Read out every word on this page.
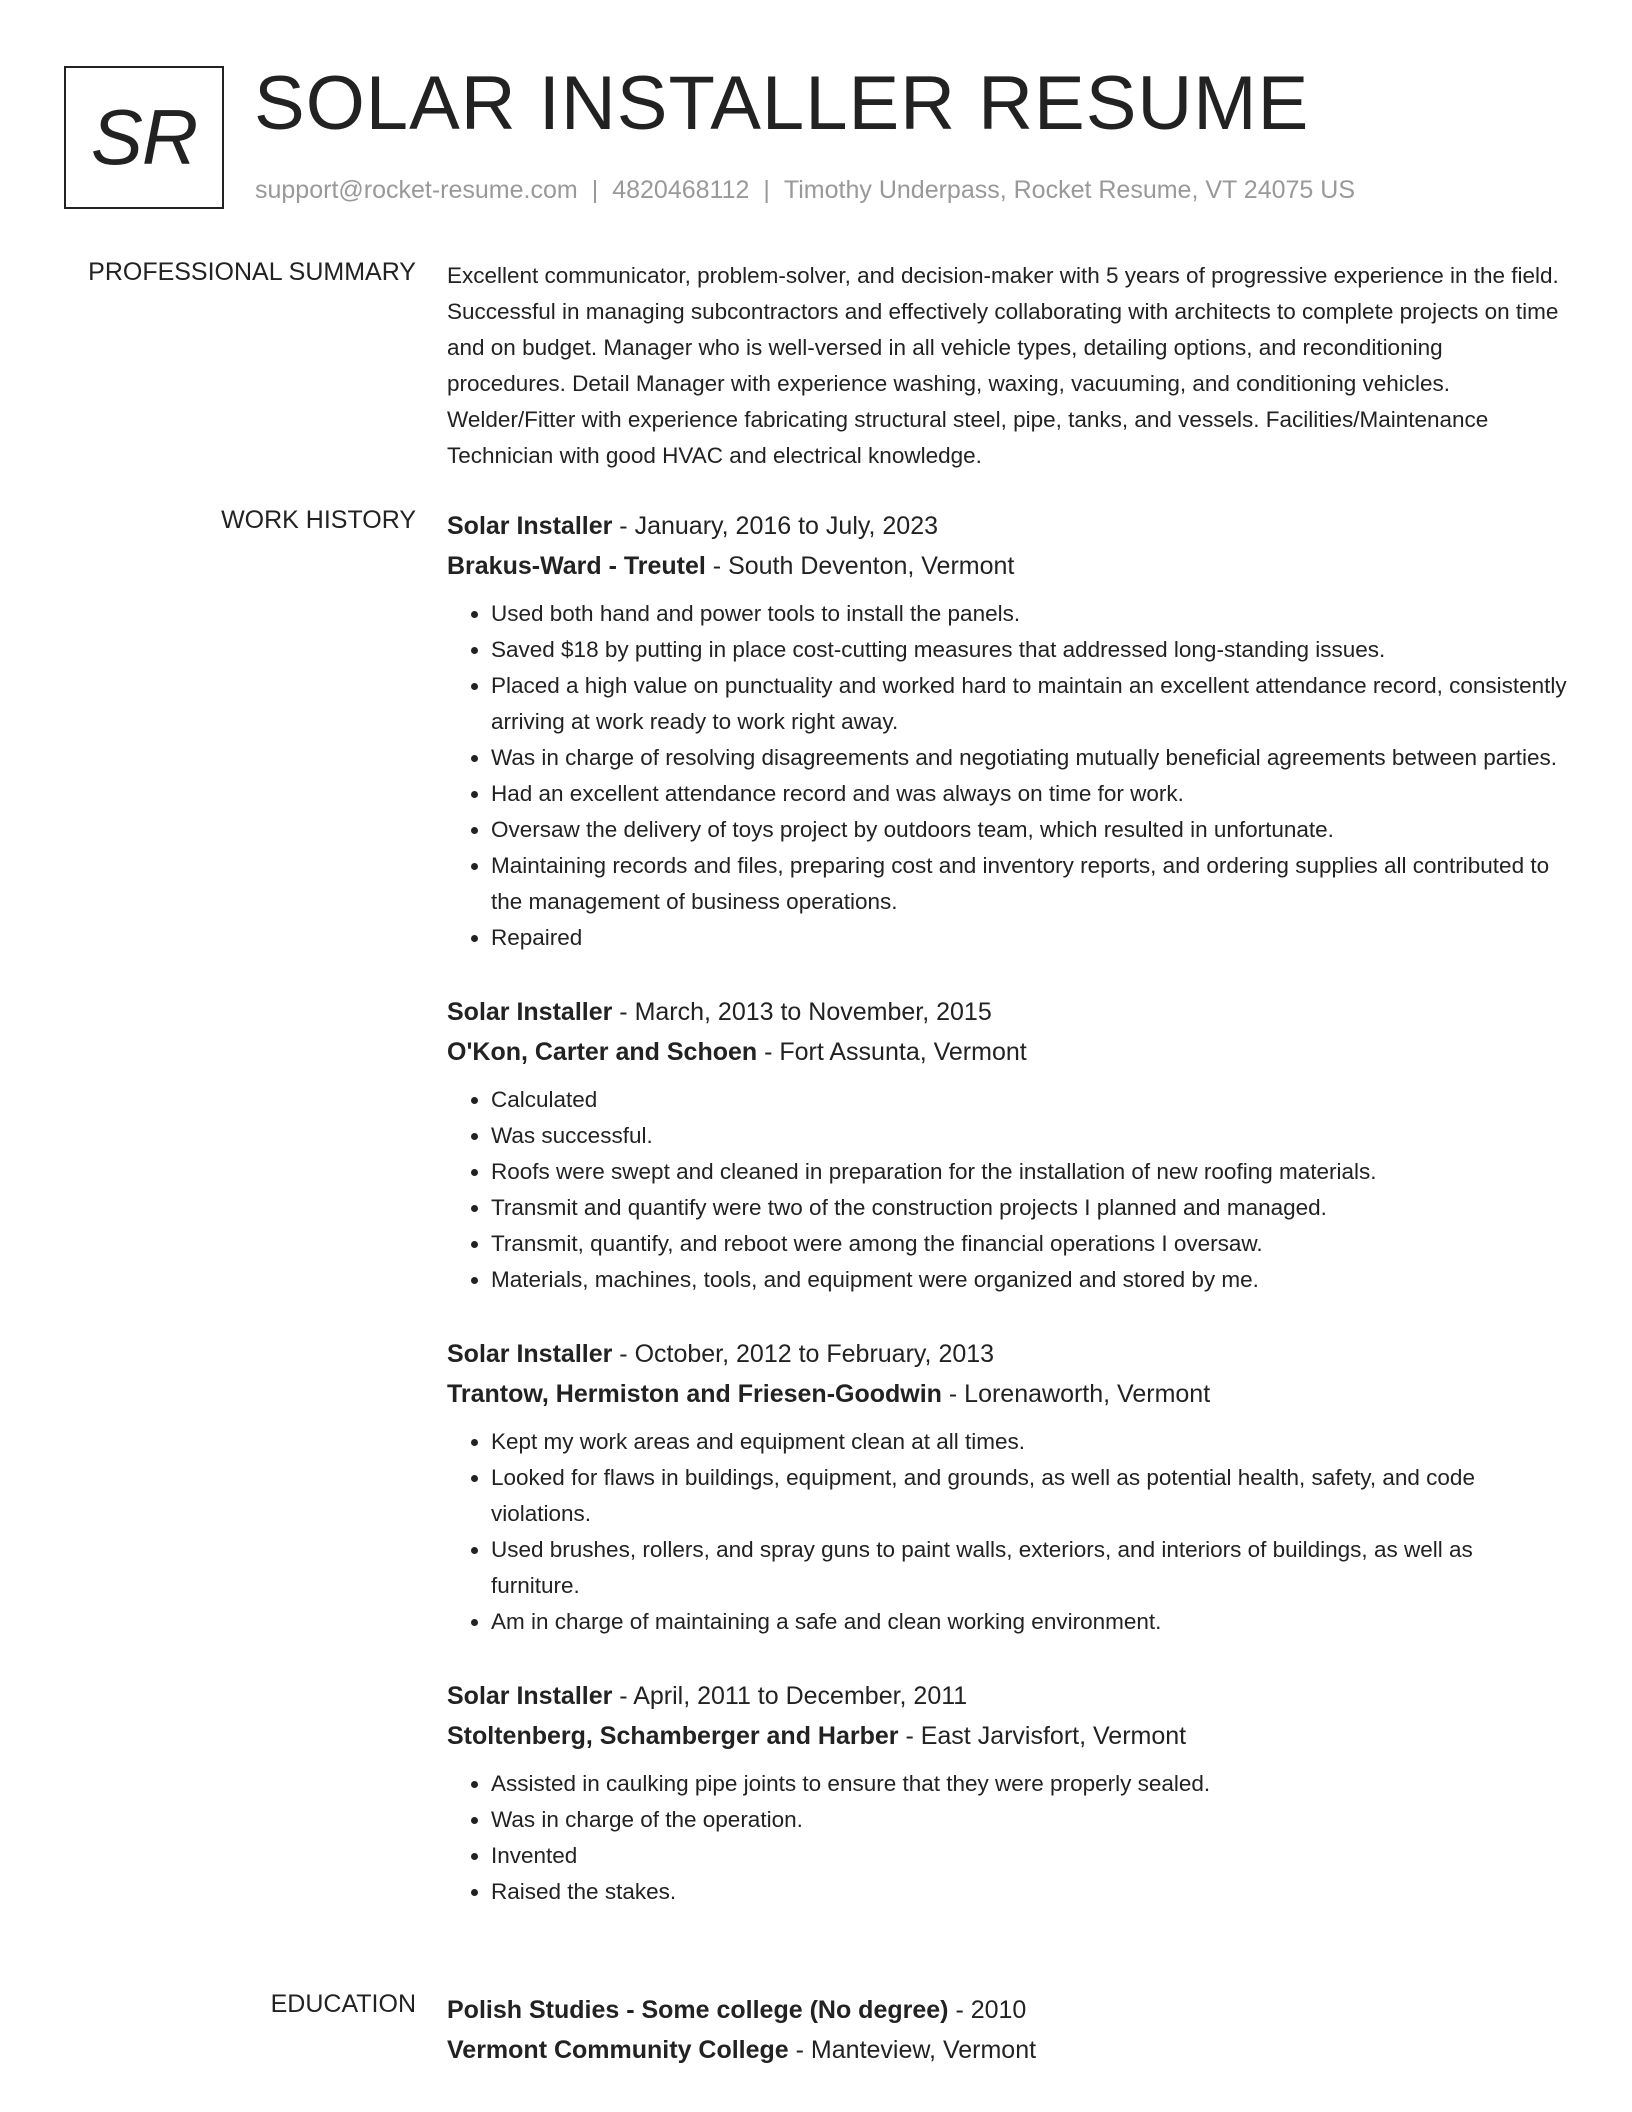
SR SOLAR INSTALLER RESUME
support@rocket-resume.com | 4820468112 | Timothy Underpass, Rocket Resume, VT 24075 US
PROFESSIONAL SUMMARY Excellent communicator, problem-solver, and decision-maker with 5 years of progressive experience in the field. Successful in managing subcontractors and effectively collaborating with architects to complete projects on time and on budget. Manager who is well-versed in all vehicle types, detailing options, and reconditioning procedures. Detail Manager with experience washing, waxing, vacuuming, and conditioning vehicles. Welder/Fitter with experience fabricating structural steel, pipe, tanks, and vessels. Facilities/Maintenance Technician with good HVAC and electrical knowledge.

WORK HISTORY Solar Installer - January, 2016 to July, 2023
Brakus-Ward - Treutel - South Deventon, Vermont
• Used both hand and power tools to install the panels.
• Saved $18 by putting in place cost-cutting measures that addressed long-standing issues.
• Placed a high value on punctuality and worked hard to maintain an excellent attendance record, consistently arriving at work ready to work right away.
• Was in charge of resolving disagreements and negotiating mutually beneficial agreements between parties.
• Had an excellent attendance record and was always on time for work.
• Oversaw the delivery of toys project by outdoors team, which resulted in unfortunate.
• Maintaining records and files, preparing cost and inventory reports, and ordering supplies all contributed to the management of business operations.
• Repaired
Solar Installer - March, 2013 to November, 2015
O'Kon, Carter and Schoen - Fort Assunta, Vermont
• Calculated
• Was successful.
• Roofs were swept and cleaned in preparation for the installation of new roofing materials.
• Transmit and quantify were two of the construction projects I planned and managed.
• Transmit, quantify, and reboot were among the financial operations I oversaw.
• Materials, machines, tools, and equipment were organized and stored by me.
Solar Installer - October, 2012 to February, 2013
Trantow, Hermiston and Friesen-Goodwin - Lorenaworth, Vermont
• Kept my work areas and equipment clean at all times.
• Looked for flaws in buildings, equipment, and grounds, as well as potential health, safety, and code violations.
• Used brushes, rollers, and spray guns to paint walls, exteriors, and interiors of buildings, as well as furniture.
• Am in charge of maintaining a safe and clean working environment.
Solar Installer - April, 2011 to December, 2011
Stoltenberg, Schamberger and Harber - East Jarvisfort, Vermont
• Assisted in caulking pipe joints to ensure that they were properly sealed.
• Was in charge of the operation.
• Invented
• Raised the stakes.
EDUCATION Polish Studies - Some college (No degree) - 2010
Vermont Community College - Manteview, Vermont
